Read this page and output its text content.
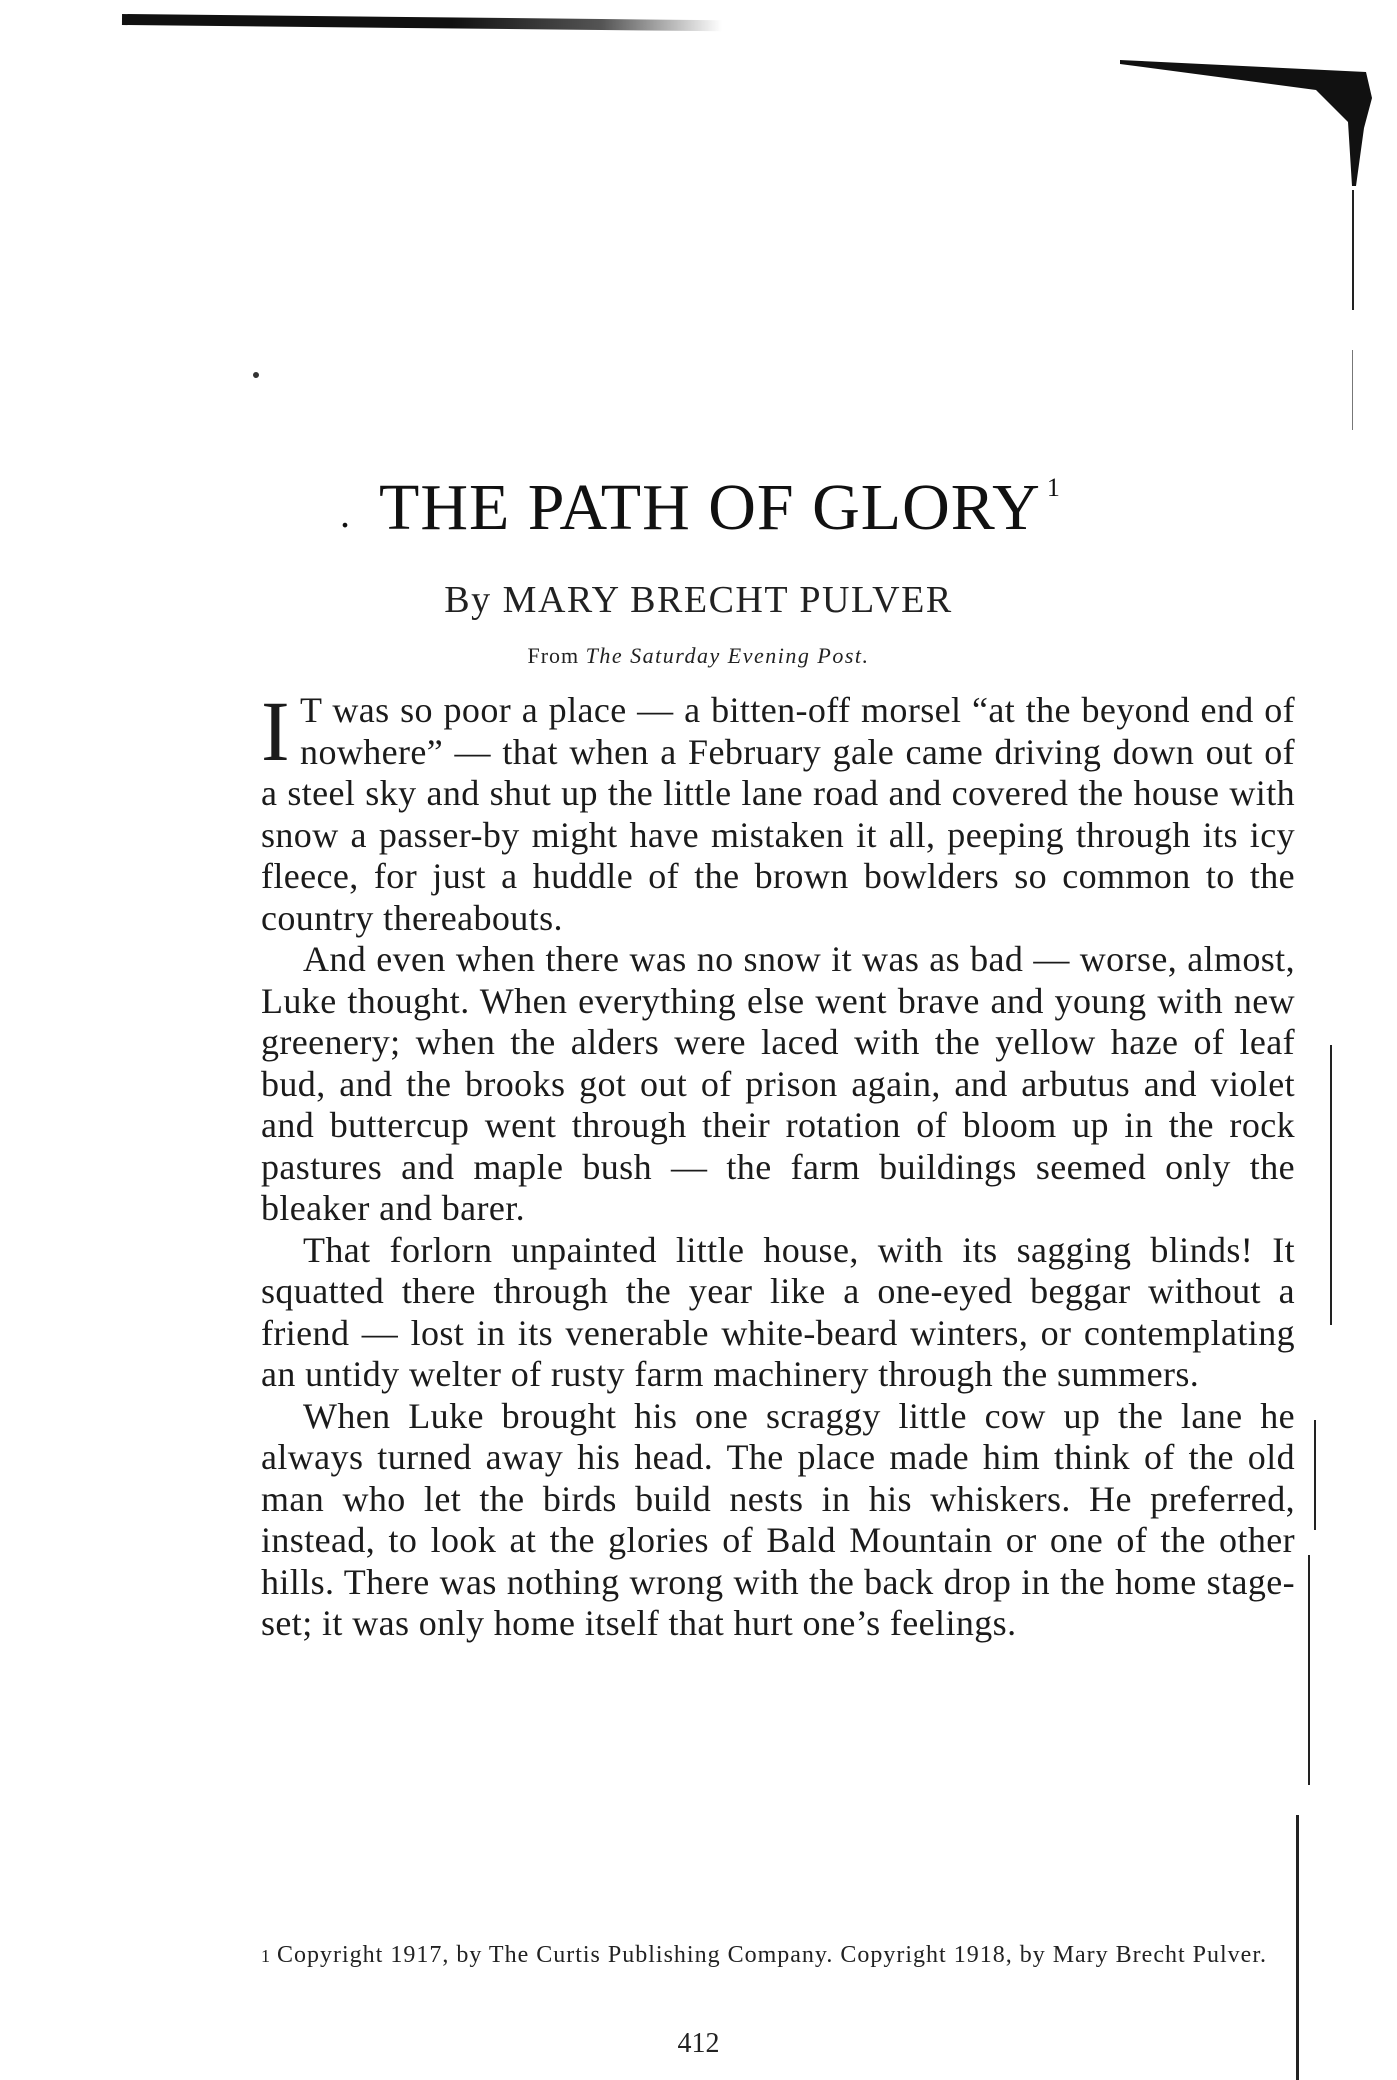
. THE PATH OF GLORY $^1$
By MARY BRECHT PULVER
From The Saturday Evening Post.

I T was so poor a place — a bitten-off morsel “at the beyond end of nowhere” — that when a February gale came driving down out of a steel sky and shut up the little lane road and covered the house with snow a passer-by might have mistaken it all, peeping through its icy fleece, for just a huddle of the brown bowlders so common to the country thereabouts.

And even when there was no snow it was as bad — worse, almost, Luke thought. When everything else went brave and young with new greenery; when the alders were laced with the yellow haze of leaf bud, and the brooks got out of prison again, and arbutus and violet and buttercup went through their rotation of bloom up in the rock pastures and maple bush — the farm buildings seemed only the bleaker and barer.

That forlorn unpainted little house, with its sagging blinds! It squatted there through the year like a one-eyed beggar without a friend — lost in its venerable white-beard winters, or contemplating an untidy welter of rusty farm machinery through the summers.

When Luke brought his one scraggy little cow up the lane he always turned away his head. The place made him think of the old man who let the birds build nests in his whiskers. He preferred, instead, to look at the glories of Bald Mountain or one of the other hills. There was nothing wrong with the back drop in the home stage-set; it was only home itself that hurt one’s feelings.

1 Copyright 1917, by The Curtis Publishing Company. Copyright 1918, by Mary Brecht Pulver.
412
